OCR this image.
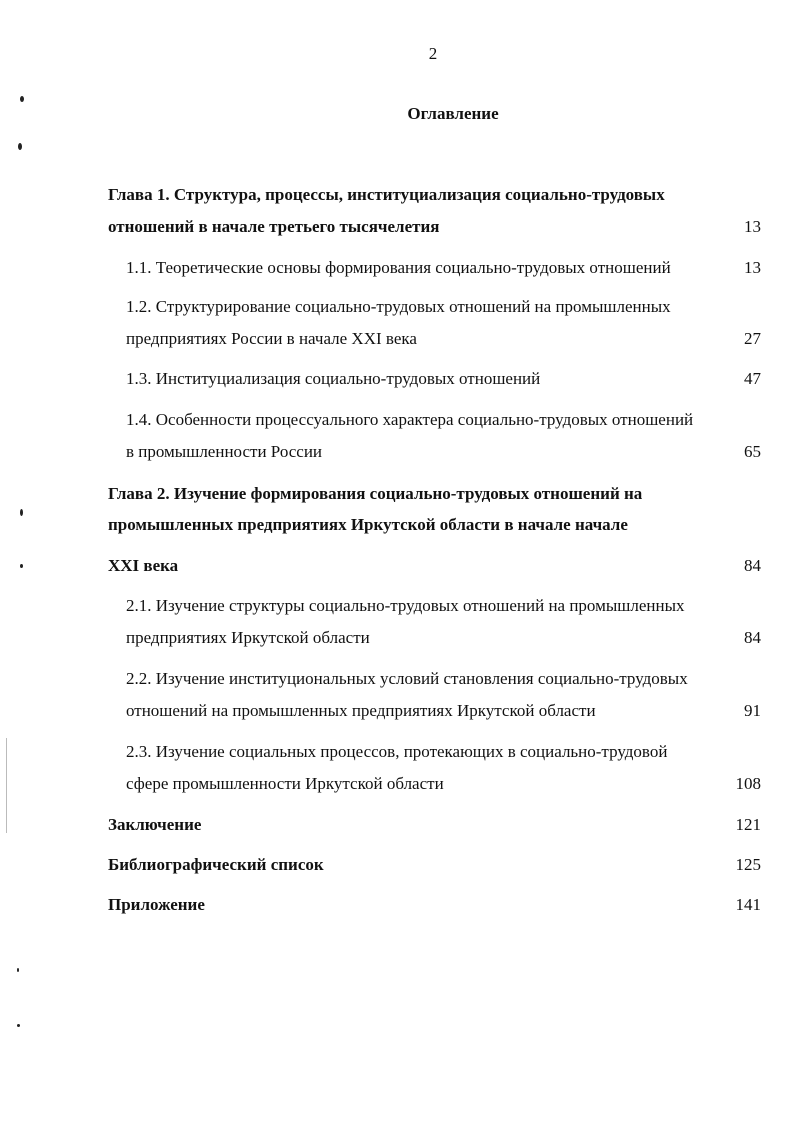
2
Оглавление
Глава 1. Структура, процессы, институциализация социально-трудовых
отношений в начале третьего тысячелетия	13
1.1. Теоретические основы формирования социально-трудовых отношений	13
1.2. Структурирование социально-трудовых отношений на промышленных
предприятиях России в начале XXI века	27
1.3. Институциализация социально-трудовых отношений	47
1.4. Особенности процессуального характера социально-трудовых отношений
в промышленности России	65
Глава 2. Изучение формирования социально-трудовых отношений на
промышленных предприятиях Иркутской области в начале начале
XXI века	84
2.1. Изучение структуры социально-трудовых отношений на промышленных
предприятиях Иркутской области	84
2.2. Изучение институциональных условий становления социально-трудовых
отношений на промышленных предприятиях Иркутской области	91
2.3. Изучение социальных процессов, протекающих в социально-трудовой
сфере промышленности Иркутской области	108
Заключение	121
Библиографический список	125
Приложение	141
